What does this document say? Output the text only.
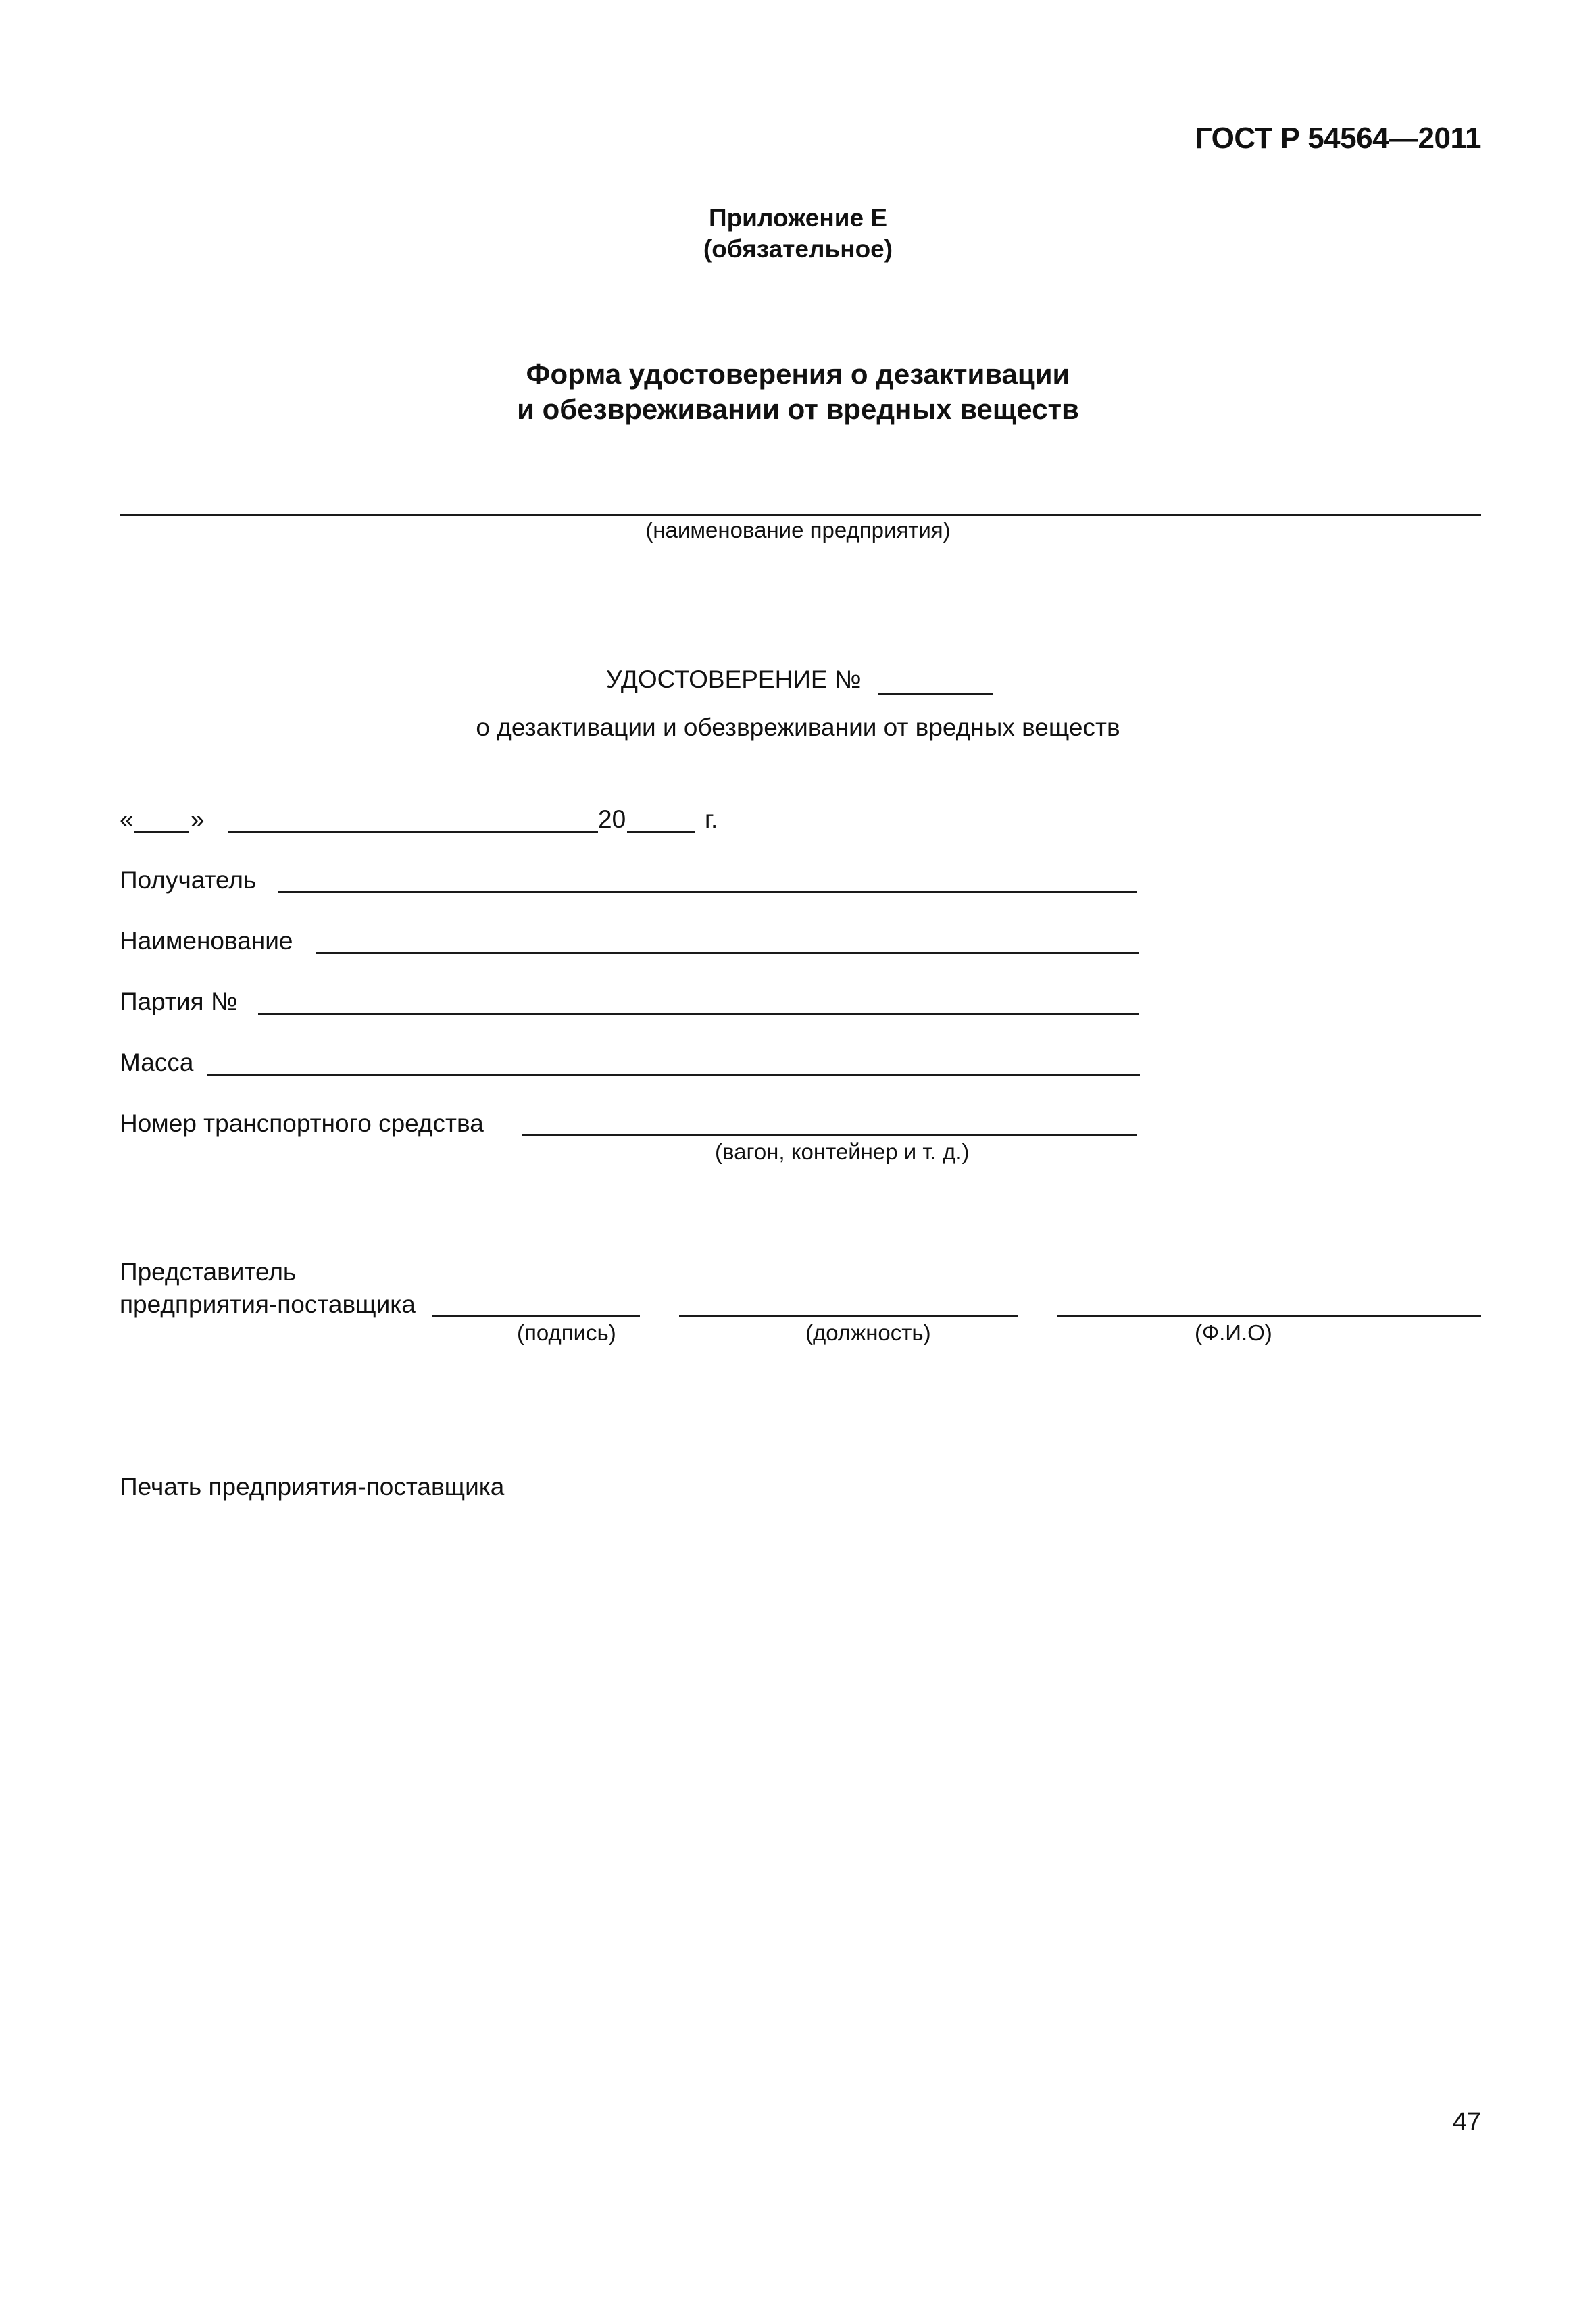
ГОСТ Р 54564—2011
Приложение Е
(обязательное)
Форма удостоверения о дезактивации
и обезвреживании от вредных веществ
(наименование предприятия)
УДОСТОВЕРЕНИЕ №
о дезактивации и обезвреживании от вредных веществ
« »	20	г.
Получатель
Наименование
Партия №
Масса
Номер транспортного средства
(вагон, контейнер и т. д.)
Представитель
предприятия-поставщика
(подпись)	(должность)	(Ф.И.О)
Печать предприятия-поставщика
47
